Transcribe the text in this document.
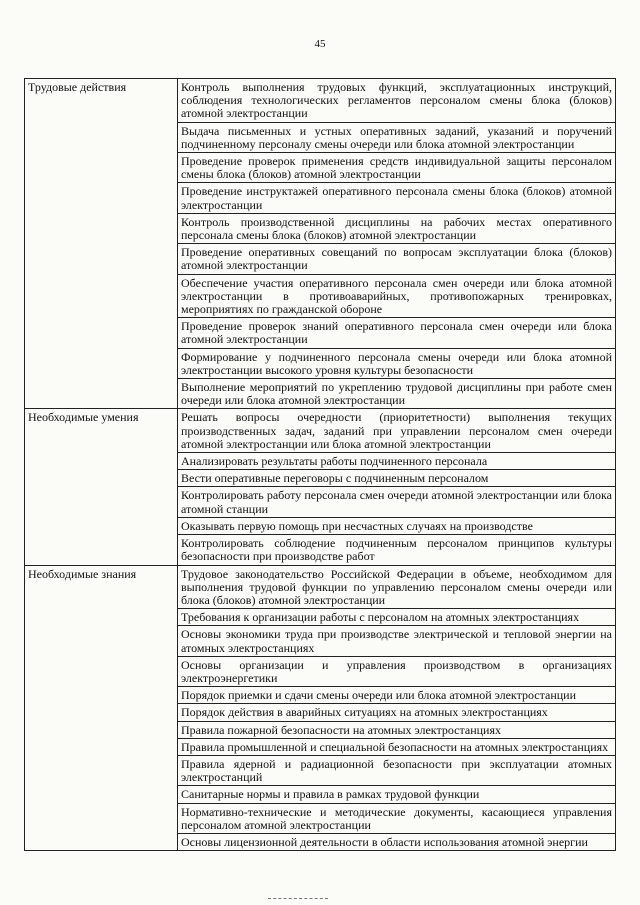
45
Трудовые действия	Контроль выполнения трудовых функций, эксплуатационных инструкций, соблюдения технологических регламентов персоналом смены блока (блоков) атомной электростанции
	Выдача письменных и устных оперативных заданий, указаний и поручений подчиненному персоналу смены очереди или блока атомной электростанции
	Проведение проверок применения средств индивидуальной защиты персоналом смены блока (блоков) атомной электростанции
	Проведение инструктажей оперативного персонала смены блока (блоков) атомной электростанции
	Контроль производственной дисциплины на рабочих местах оперативного персонала смены блока (блоков) атомной электростанции
	Проведение оперативных совещаний по вопросам эксплуатации блока (блоков) атомной электростанции
	Обеспечение участия оперативного персонала смен очереди или блока атомной электростанции в противоаварийных, противопожарных тренировках, мероприятиях по гражданской обороне
	Проведение проверок знаний оперативного персонала смен очереди или блока атомной электростанции
	Формирование у подчиненного персонала смены очереди или блока атомной электростанции высокого уровня культуры безопасности
	Выполнение мероприятий по укреплению трудовой дисциплины при работе смен очереди или блока атомной электростанции
Необходимые умения	Решать вопросы очередности (приоритетности) выполнения текущих производственных задач, заданий при управлении персоналом смен очереди атомной электростанции или блока атомной электростанции
	Анализировать результаты работы подчиненного персонала
	Вести оперативные переговоры с подчиненным персоналом
	Контролировать работу персонала смен очереди атомной электростанции или блока атомной станции
	Оказывать первую помощь при несчастных случаях на производстве
	Контролировать соблюдение подчиненным персоналом принципов культуры безопасности при производстве работ
Необходимые знания	Трудовое законодательство Российской Федерации в объеме, необходимом для выполнения трудовой функции по управлению персоналом смены очереди или блока (блоков) атомной электростанции
	Требования к организации работы с персоналом на атомных электростанциях
	Основы экономики труда при производстве электрической и тепловой энергии на атомных электростанциях
	Основы организации и управления производством в организациях электроэнергетики
	Порядок приемки и сдачи смены очереди или блока атомной электростанции
	Порядок действия в аварийных ситуациях на атомных электростанциях
	Правила пожарной безопасности на атомных электростанциях
	Правила промышленной и специальной безопасности на атомных электростанциях
	Правила ядерной и радиационной безопасности при эксплуатации атомных электростанций
	Санитарные нормы и правила в рамках трудовой функции
	Нормативно-технические и методические документы, касающиеся управления персоналом атомной электростанции
	Основы лицензионной деятельности в области использования атомной энергии
